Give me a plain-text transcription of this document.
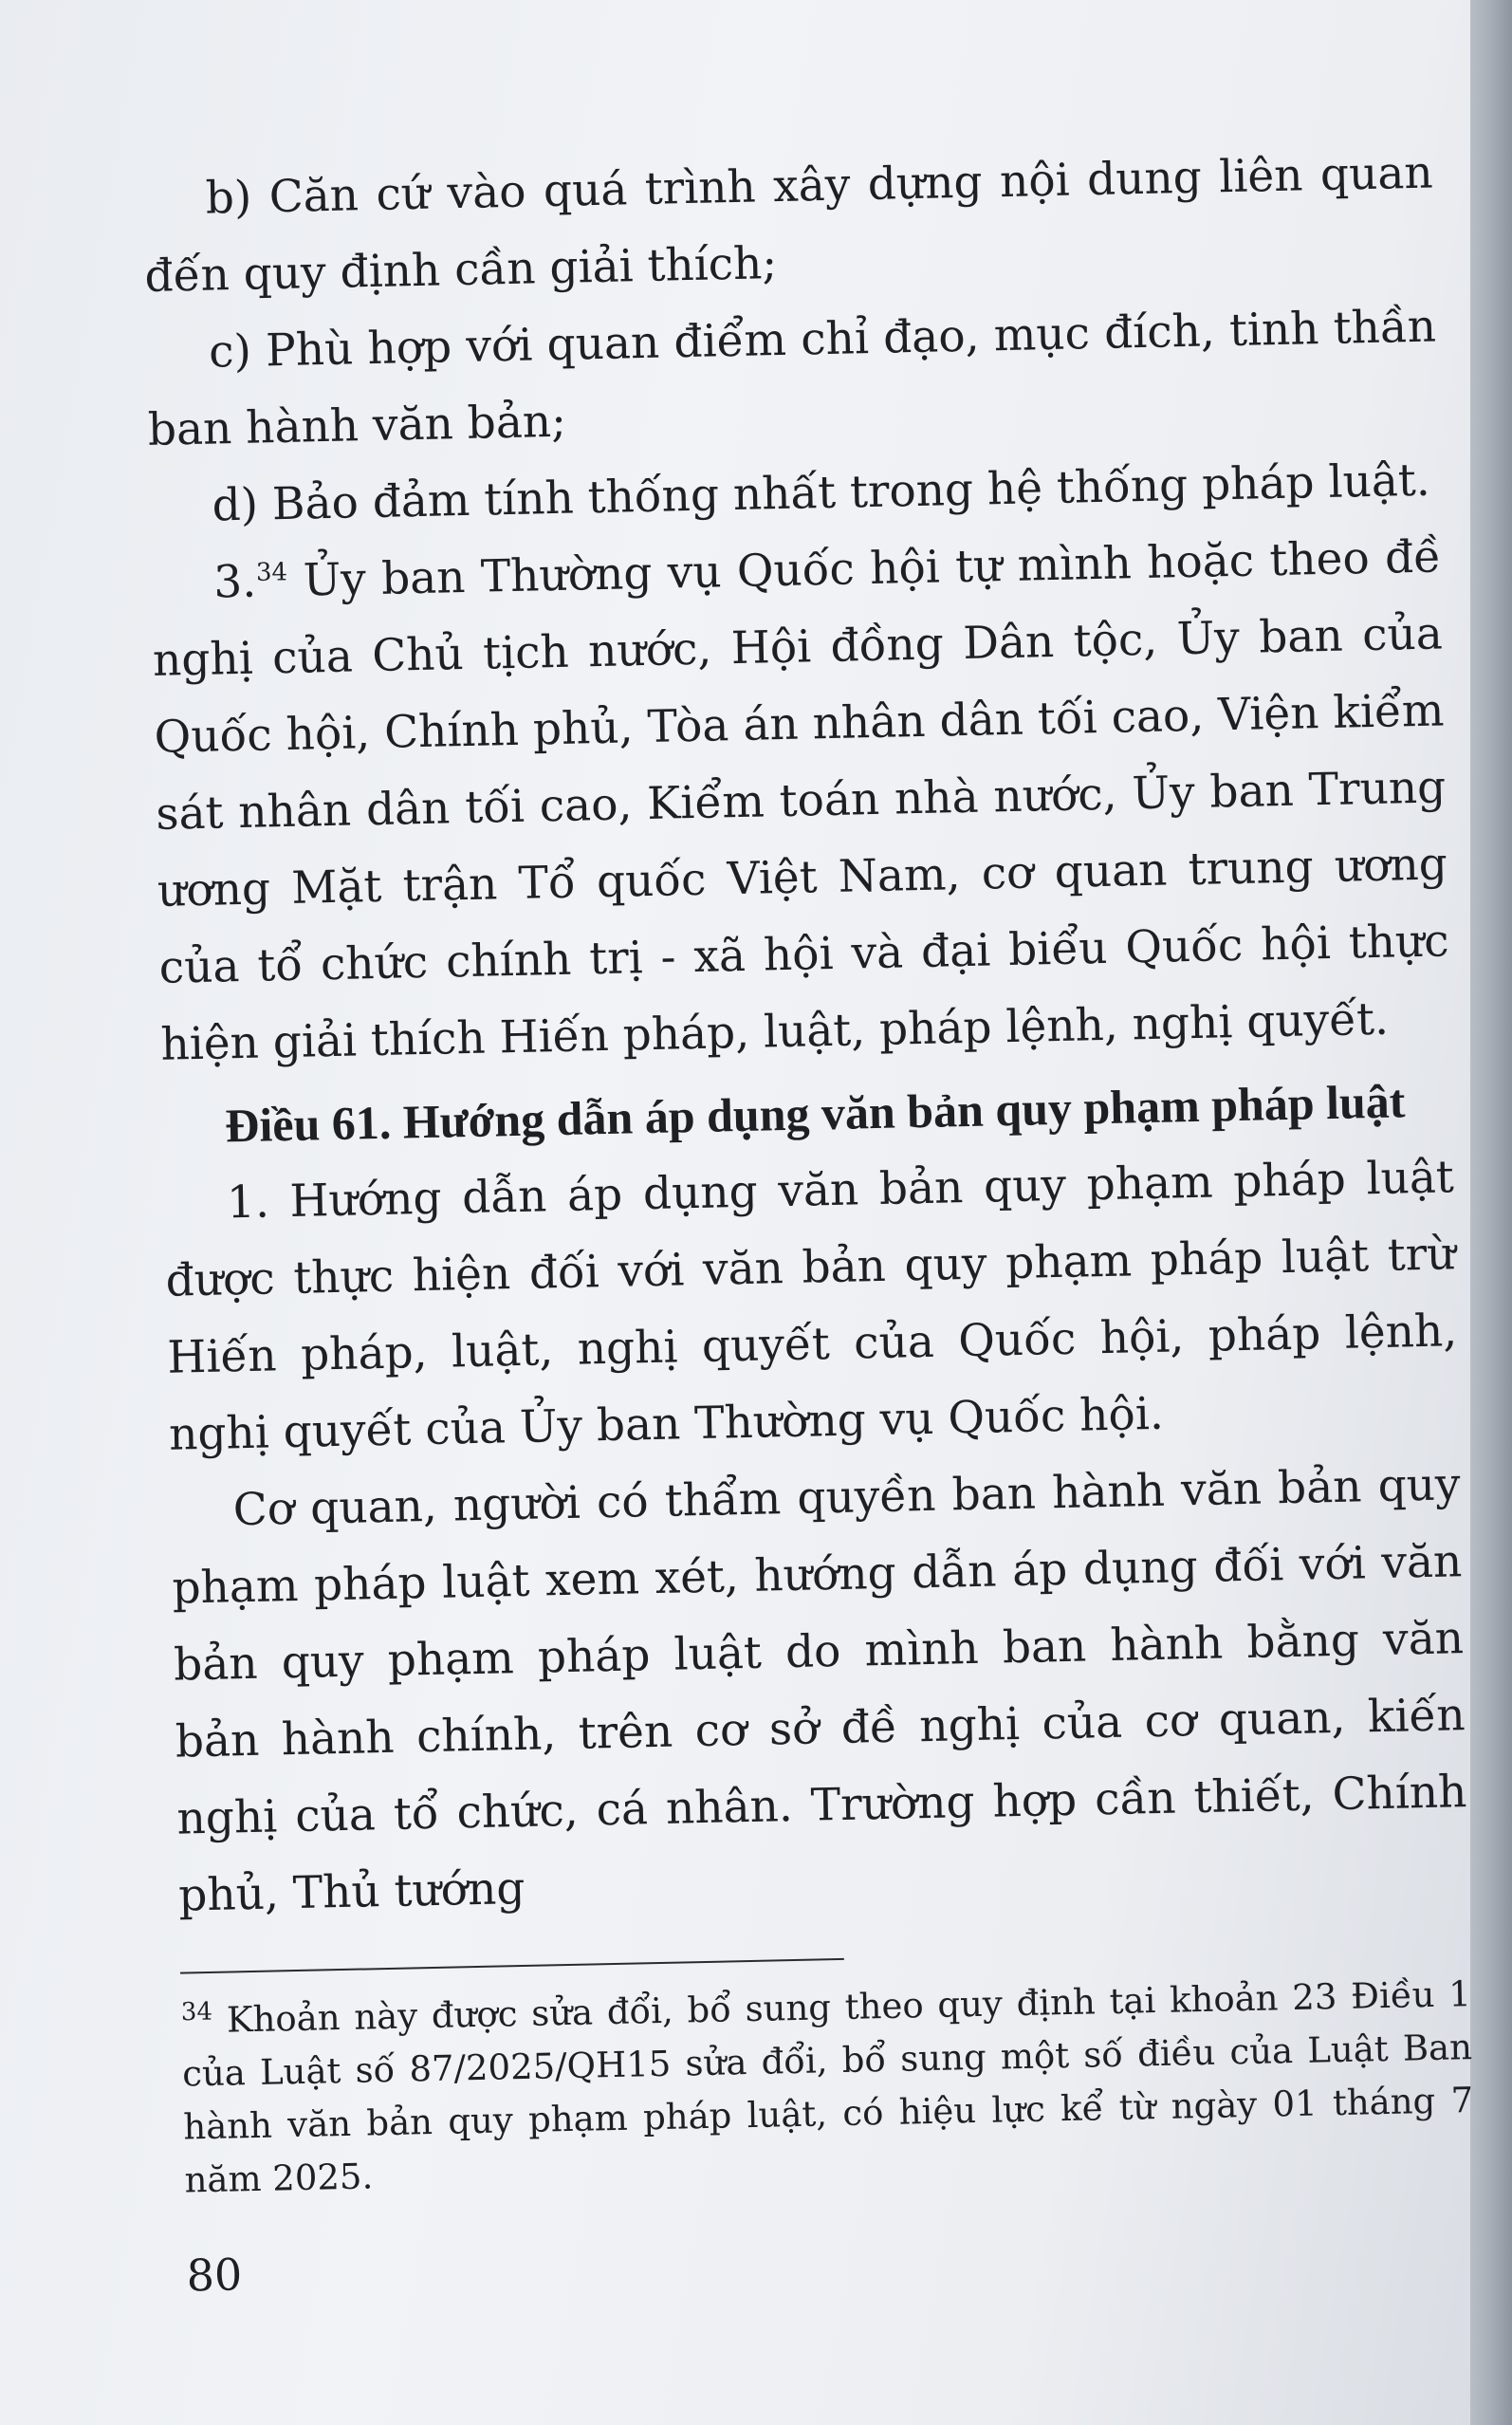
b) Căn cứ vào quá trình xây dựng nội dung liên quan đến quy định cần giải thích;

c) Phù hợp với quan điểm chỉ đạo, mục đích, tinh thần ban hành văn bản;

d) Bảo đảm tính thống nhất trong hệ thống pháp luật.

3.34 Ủy ban Thường vụ Quốc hội tự mình hoặc theo đề nghị của Chủ tịch nước, Hội đồng Dân tộc, Ủy ban của Quốc hội, Chính phủ, Tòa án nhân dân tối cao, Viện kiểm sát nhân dân tối cao, Kiểm toán nhà nước, Ủy ban Trung ương Mặt trận Tổ quốc Việt Nam, cơ quan trung ương của tổ chức chính trị - xã hội và đại biểu Quốc hội thực hiện giải thích Hiến pháp, luật, pháp lệnh, nghị quyết.

Điều 61. Hướng dẫn áp dụng văn bản quy phạm pháp luật

1. Hướng dẫn áp dụng văn bản quy phạm pháp luật được thực hiện đối với văn bản quy phạm pháp luật trừ Hiến pháp, luật, nghị quyết của Quốc hội, pháp lệnh, nghị quyết của Ủy ban Thường vụ Quốc hội.

Cơ quan, người có thẩm quyền ban hành văn bản quy phạm pháp luật xem xét, hướng dẫn áp dụng đối với văn bản quy phạm pháp luật do mình ban hành bằng văn bản hành chính, trên cơ sở đề nghị của cơ quan, kiến nghị của tổ chức, cá nhân. Trường hợp cần thiết, Chính phủ, Thủ tướng

$^{34}$ Khoản này được sửa đổi, bổ sung theo quy định tại khoản 23 Điều 1 của Luật số 87/2025/QH15 sửa đổi, bổ sung một số điều của Luật Ban hành văn bản quy phạm pháp luật, có hiệu lực kể từ ngày 01 tháng 7 năm 2025.

80
